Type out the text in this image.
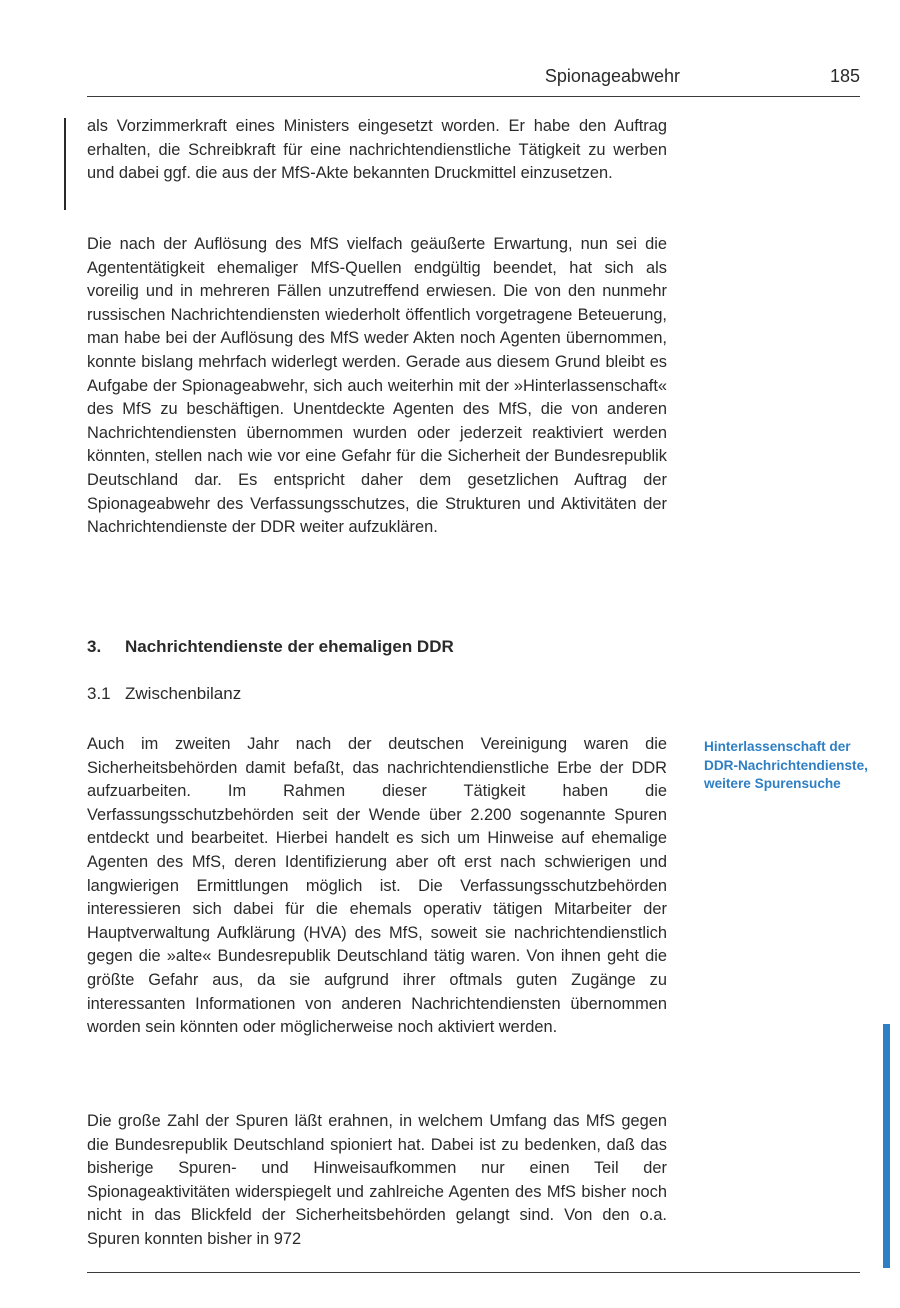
Spionageabwehr	185

als Vorzimmerkraft eines Ministers eingesetzt worden. Er habe den Auftrag erhalten, die Schreibkraft für eine nachrichtendienstliche Tätigkeit zu werben und dabei ggf. die aus der MfS-Akte bekannten Druckmittel einzusetzen.

Die nach der Auflösung des MfS vielfach geäußerte Erwartung, nun sei die Agententätigkeit ehemaliger MfS-Quellen endgültig beendet, hat sich als voreilig und in mehreren Fällen unzutreffend erwiesen. Die von den nunmehr russischen Nachrichtendiensten wiederholt öffentlich vorgetragene Beteuerung, man habe bei der Auflösung des MfS weder Akten noch Agenten übernommen, konnte bislang mehrfach widerlegt werden. Gerade aus diesem Grund bleibt es Aufgabe der Spionageabwehr, sich auch weiterhin mit der »Hinterlassenschaft« des MfS zu beschäftigen. Unentdeckte Agenten des MfS, die von anderen Nachrichtendiensten übernommen wurden oder jederzeit reaktiviert werden könnten, stellen nach wie vor eine Gefahr für die Sicherheit der Bundesrepublik Deutschland dar. Es entspricht daher dem gesetzlichen Auftrag der Spionageabwehr des Verfassungsschutzes, die Strukturen und Aktivitäten der Nachrichtendienste der DDR weiter aufzuklären.

3. Nachrichtendienste der ehemaligen DDR
3.1 Zwischenbilanz

Auch im zweiten Jahr nach der deutschen Vereinigung waren die Sicherheitsbehörden damit befaßt, das nachrichtendienstliche Erbe der DDR aufzuarbeiten. Im Rahmen dieser Tätigkeit haben die Verfassungsschutzbehörden seit der Wende über 2.200 sogenannte Spuren entdeckt und bearbeitet. Hierbei handelt es sich um Hinweise auf ehemalige Agenten des MfS, deren Identifizierung aber oft erst nach schwierigen und langwierigen Ermittlungen möglich ist. Die Verfassungsschutzbehörden interessieren sich dabei für die ehemals operativ tätigen Mitarbeiter der Hauptverwaltung Aufklärung (HVA) des MfS, soweit sie nachrichtendienstlich gegen die »alte« Bundesrepublik Deutschland tätig waren. Von ihnen geht die größte Gefahr aus, da sie aufgrund ihrer oftmals guten Zugänge zu interessanten Informationen von anderen Nachrichtendiensten übernommen worden sein könnten oder möglicherweise noch aktiviert werden.

Hinterlassenschaft der DDR-Nachrichtendienste, weitere Spurensuche

Die große Zahl der Spuren läßt erahnen, in welchem Umfang das MfS gegen die Bundesrepublik Deutschland spioniert hat. Dabei ist zu bedenken, daß das bisherige Spuren- und Hinweisaufkommen nur einen Teil der Spionageaktivitäten widerspiegelt und zahlreiche Agenten des MfS bisher noch nicht in das Blickfeld der Sicherheitsbehörden gelangt sind. Von den o.a. Spuren konnten bisher in 972
